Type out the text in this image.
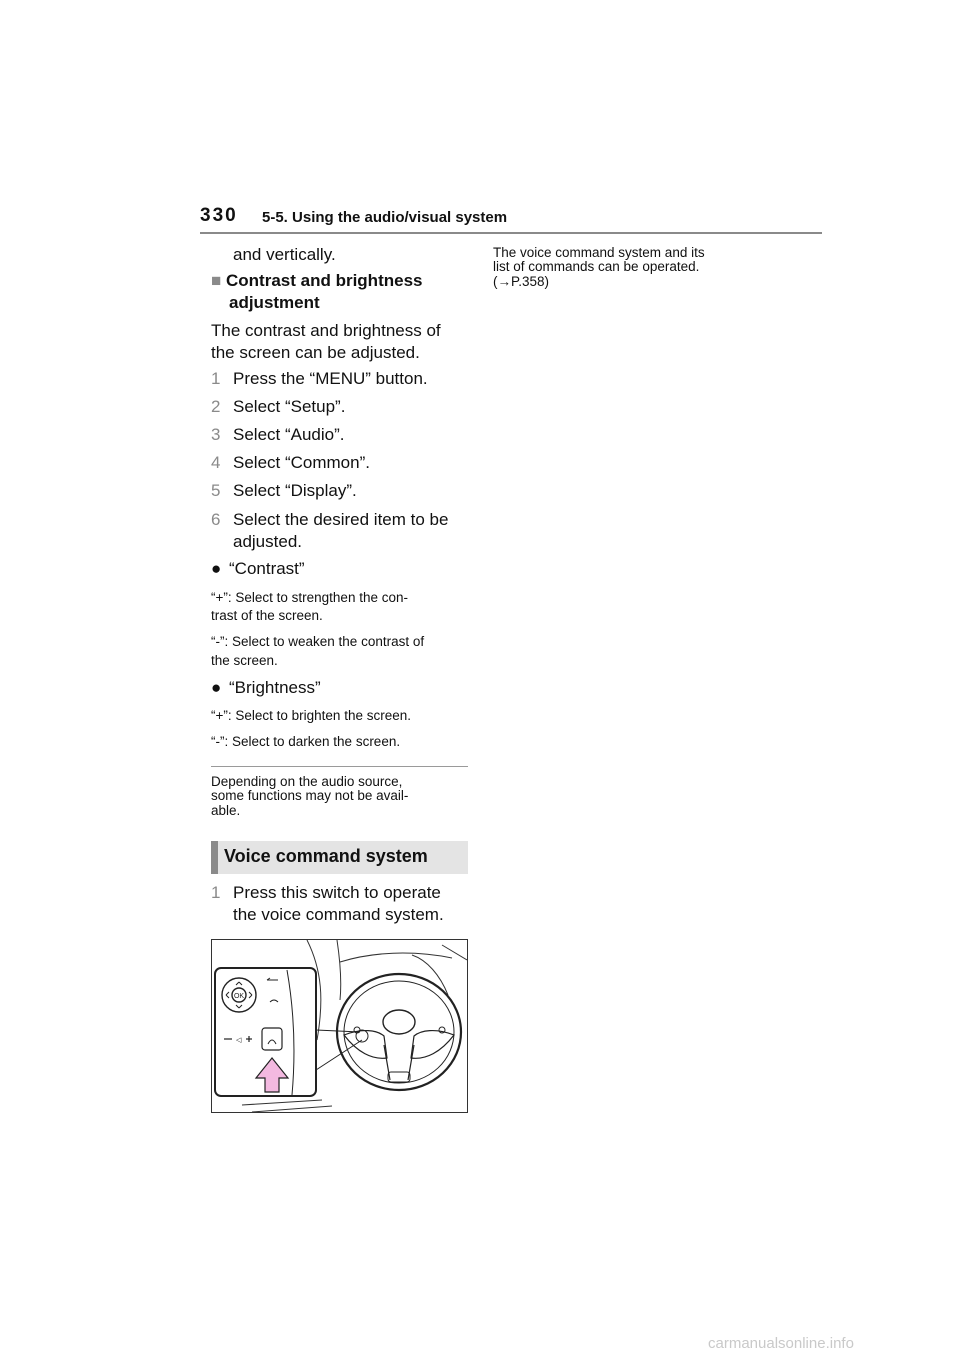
330 5-5. Using the audio/visual system
and vertically.
■ Contrast and brightness
adjustment
The contrast and brightness of
the screen can be adjusted.
1 Press the “MENU” button.
2 Select “Setup”.
3 Select “Audio”.
4 Select “Common”.
5 Select “Display”.
6 Select the desired item to be
adjusted.
● “Contrast”
“+”: Select to strengthen the con-
trast of the screen.
“-”: Select to weaken the contrast of
the screen.
● “Brightness”
“+”: Select to brighten the screen.
“-”: Select to darken the screen.
Depending on the audio source,
some functions may not be avail-
able.
Voice command system
1 Press this switch to operate
the voice command system.
OK
◁
The voice command system and its
list of commands can be operated.
(→P.358)
carmanualsonline.info
